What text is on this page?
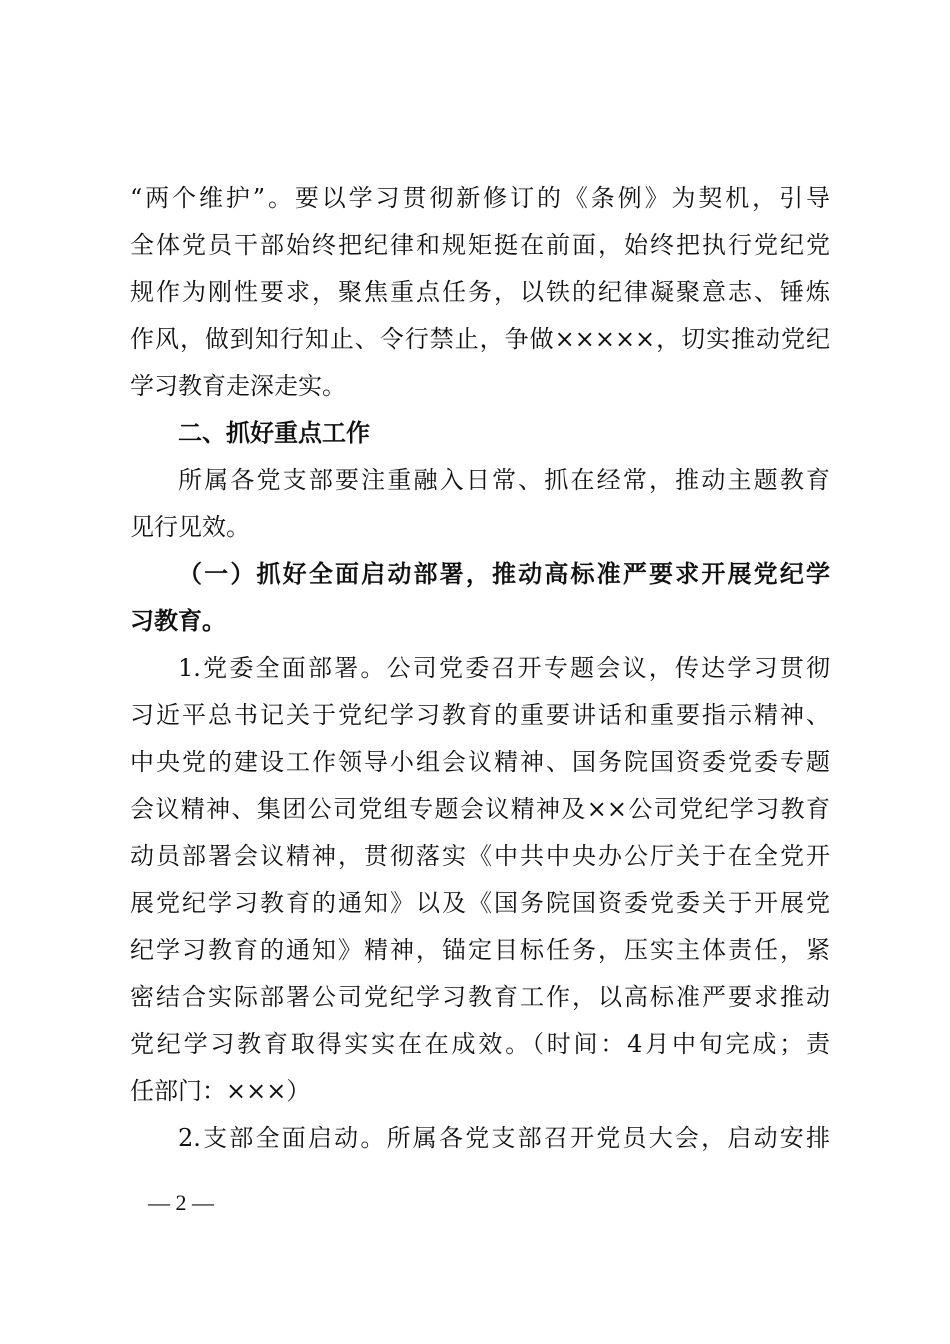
“两个维护”。要以学习贯彻新修订的《条例》为契机，引导
全体党员干部始终把纪律和规矩挺在前面，始终把执行党纪党
规作为刚性要求，聚焦重点任务，以铁的纪律凝聚意志、锤炼
作风，做到知行知止、令行禁止，争做×××××，切实推动党纪
学习教育走深走实。
二、抓好重点工作
所属各党支部要注重融入日常、抓在经常，推动主题教育
见行见效。
（一）抓好全面启动部署，推动高标准严要求开展党纪学
习教育。
1.党委全面部署。公司党委召开专题会议，传达学习贯彻
习近平总书记关于党纪学习教育的重要讲话和重要指示精神、
中央党的建设工作领导小组会议精神、国务院国资委党委专题
会议精神、集团公司党组专题会议精神及××公司党纪学习教育
动员部署会议精神，贯彻落实《中共中央办公厅关于在全党开
展党纪学习教育的通知》以及《国务院国资委党委关于开展党
纪学习教育的通知》精神，锚定目标任务，压实主体责任，紧
密结合实际部署公司党纪学习教育工作，以高标准严要求推动
党纪学习教育取得实实在在成效。（时间：4月中旬完成；责
任部门：×××）
2.支部全面启动。所属各党支部召开党员大会，启动安排
— 2 —
